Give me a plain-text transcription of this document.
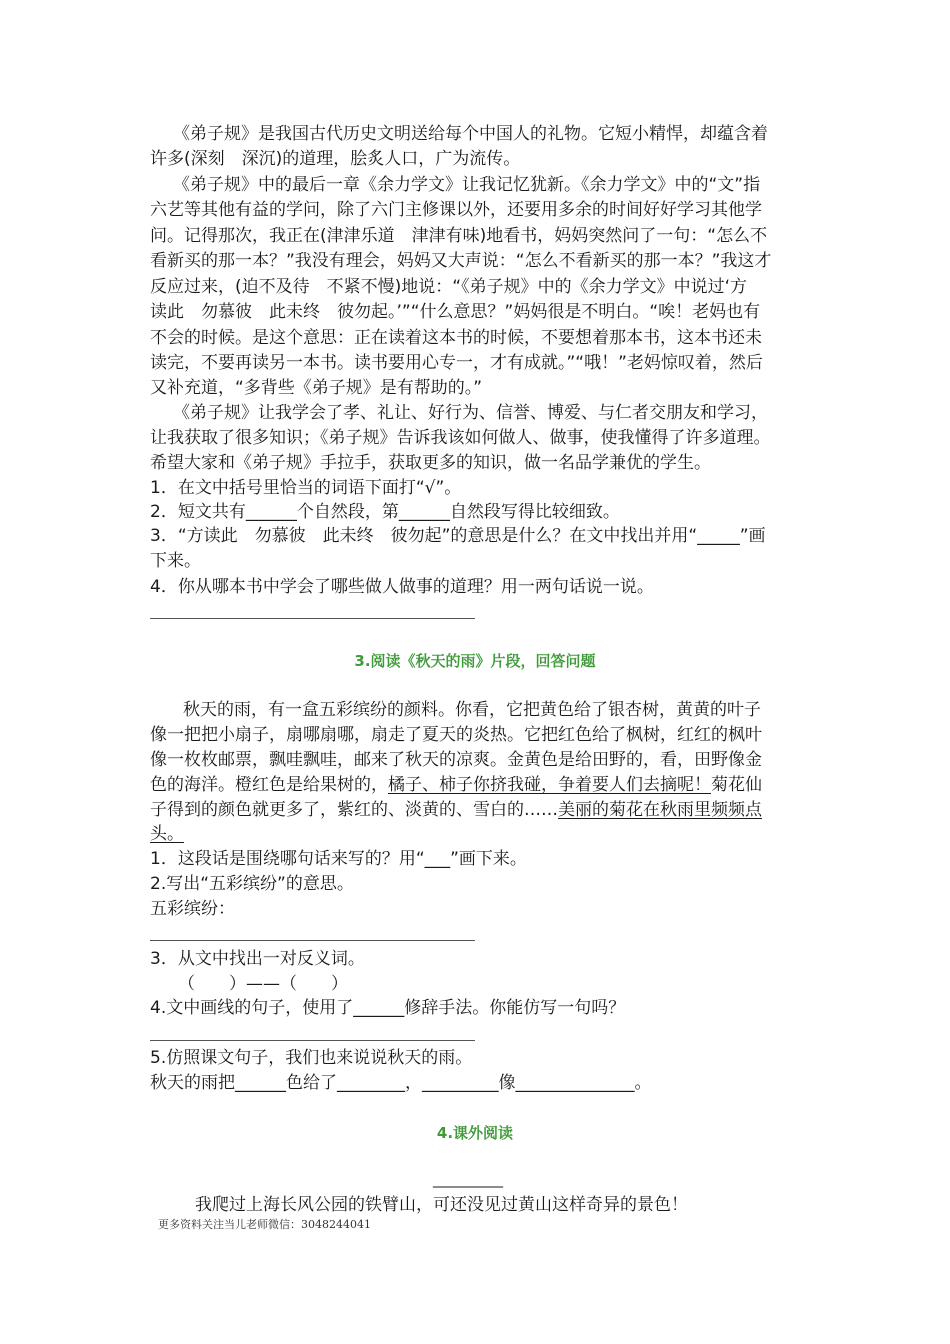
《弟子规》是我国古代历史文明送给每个中国人的礼物。它短小精悍，却蕴含着
许多(深刻　深沉)的道理，脍炙人口，广为流传。
《弟子规》中的最后一章《余力学文》让我记忆犹新。《余力学文》中的“文”指
六艺等其他有益的学问，除了六门主修课以外，还要用多余的时间好好学习其他学
问。记得那次，我正在(津津乐道　津津有味)地看书，妈妈突然问了一句：“怎么不
看新买的那一本？”我没有理会，妈妈又大声说：“怎么不看新买的那一本？”我这才
反应过来，(迫不及待　不紧不慢)地说：“《弟子规》中的《余力学文》中说过‘方
读此　勿慕彼　此未终　彼勿起。’”“什么意思？”妈妈很是不明白。“唉！老妈也有
不会的时候。是这个意思：正在读着这本书的时候，不要想着那本书，这本书还未
读完，不要再读另一本书。读书要用心专一，才有成就。”“哦！”老妈惊叹着，然后
又补充道，“多背些《弟子规》是有帮助的。”
《弟子规》让我学会了孝、礼让、好行为、信誉、博爱、与仁者交朋友和学习，
让我获取了很多知识；《弟子规》告诉我该如何做人、做事，使我懂得了许多道理。
希望大家和《弟子规》手拉手，获取更多的知识，做一名品学兼优的学生。
1．在文中括号里恰当的词语下面打“√”。
2．短文共有______个自然段，第______自然段写得比较细致。
3．“方读此　勿慕彼　此未终　彼勿起”的意思是什么？在文中找出并用“_____”画
下来。
4．你从哪本书中学会了哪些做人做事的道理？用一两句话说一说。
3.阅读《秋天的雨》片段，回答问题
秋天的雨，有一盒五彩缤纷的颜料。你看，它把黄色给了银杏树，黄黄的叶子
像一把把小扇子，扇哪扇哪，扇走了夏天的炎热。它把红色给了枫树，红红的枫叶
像一枚枚邮票，飘哇飘哇，邮来了秋天的凉爽。金黄色是给田野的，看，田野像金
色的海洋。橙红色是给果树的，橘子、柿子你挤我碰，争着要人们去摘呢！菊花仙
子得到的颜色就更多了，紫红的、淡黄的、雪白的……美丽的菊花在秋雨里频频点
头。
1．这段话是围绕哪句话来写的？用“___”画下来。
2.写出“五彩缤纷”的意思。
五彩缤纷：
3．从文中找出一对反义词。
（　　）——（　　）
4.文中画线的句子，使用了______修辞手法。你能仿写一句吗？
5.仿照课文句子，我们也来说说秋天的雨。
秋天的雨把______色给了________，_________像______________。
4.课外阅读
__________
我爬过上海长风公园的铁臂山，可还没见过黄山这样奇异的景色！
更多资料关注当儿老师微信：3048244041
